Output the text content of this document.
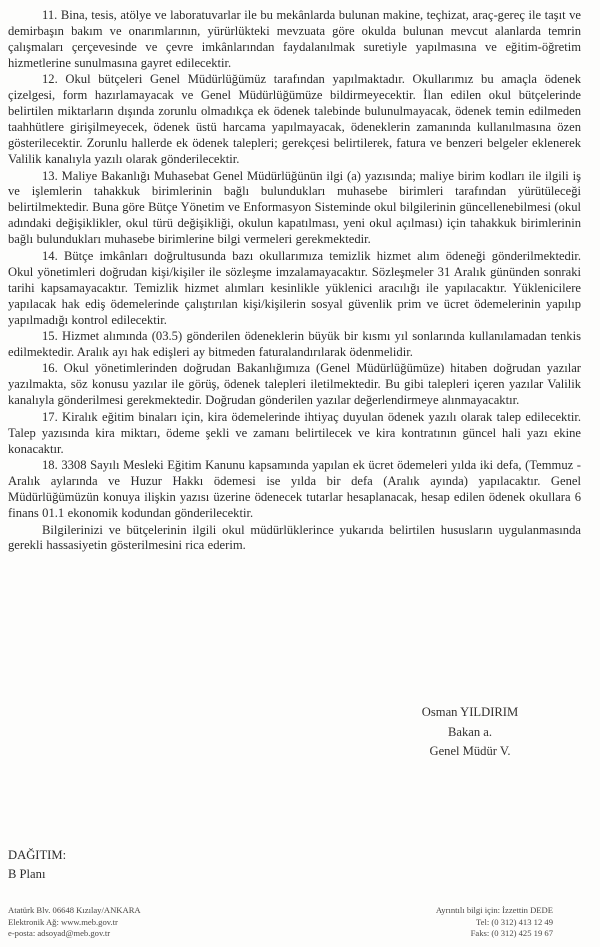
11. Bina, tesis, atölye ve laboratuvarlar ile bu mekânlarda bulunan makine, teçhizat, araç-gereç ile taşıt ve demirbaşın bakım ve onarımlarının, yürürlükteki mevzuata göre okulda bulunan mevcut alanlarda temrin çalışmaları çerçevesinde ve çevre imkânlarından faydalanılmak suretiyle yapılmasına ve eğitim-öğretim hizmetlerine sunulmasına gayret edilecektir.

12. Okul bütçeleri Genel Müdürlüğümüz tarafından yapılmaktadır. Okullarımız bu amaçla ödenek çizelgesi, form hazırlamayacak ve Genel Müdürlüğümüze bildirmeyecektir. İlan edilen okul bütçelerinde belirtilen miktarların dışında zorunlu olmadıkça ek ödenek talebinde bulunulmayacak, ödenek temin edilmeden taahhütlere girişilmeyecek, ödenek üstü harcama yapılmayacak, ödeneklerin zamanında kullanılmasına özen gösterilecektir. Zorunlu hallerde ek ödenek talepleri; gerekçesi belirtilerek, fatura ve benzeri belgeler eklenerek Valilik kanalıyla yazılı olarak gönderilecektir.

13. Maliye Bakanlığı Muhasebat Genel Müdürlüğünün ilgi (a) yazısında; maliye birim kodları ile ilgili iş ve işlemlerin tahakkuk birimlerinin bağlı bulundukları muhasebe birimleri tarafından yürütüleceği belirtilmektedir. Buna göre Bütçe Yönetim ve Enformasyon Sisteminde okul bilgilerinin güncellenebilmesi (okul adındaki değişiklikler, okul türü değişikliği, okulun kapatılması, yeni okul açılması) için tahakkuk birimlerinin bağlı bulundukları muhasebe birimlerine bilgi vermeleri gerekmektedir.

14. Bütçe imkânları doğrultusunda bazı okullarımıza temizlik hizmet alım ödeneği gönderilmektedir. Okul yönetimleri doğrudan kişi/kişiler ile sözleşme imzalamayacaktır. Sözleşmeler 31 Aralık gününden sonraki tarihi kapsamayacaktır. Temizlik hizmet alımları kesinlikle yüklenici aracılığı ile yapılacaktır. Yüklenicilere yapılacak hak ediş ödemelerinde çalıştırılan kişi/kişilerin sosyal güvenlik prim ve ücret ödemelerinin yapılıp yapılmadığı kontrol edilecektir.

15. Hizmet alımında (03.5) gönderilen ödeneklerin büyük bir kısmı yıl sonlarında kullanılamadan tenkis edilmektedir. Aralık ayı hak edişleri ay bitmeden faturalandırılarak ödenmelidir.

16. Okul yönetimlerinden doğrudan Bakanlığımıza (Genel Müdürlüğümüze) hitaben doğrudan yazılar yazılmakta, söz konusu yazılar ile görüş, ödenek talepleri iletilmektedir. Bu gibi talepleri içeren yazılar Valilik kanalıyla gönderilmesi gerekmektedir. Doğrudan gönderilen yazılar değerlendirmeye alınmayacaktır.

17. Kiralık eğitim binaları için, kira ödemelerinde ihtiyaç duyulan ödenek yazılı olarak talep edilecektir. Talep yazısında kira miktarı, ödeme şekli ve zamanı belirtilecek ve kira kontratının güncel hali yazı ekine konacaktır.

18. 3308 Sayılı Mesleki Eğitim Kanunu kapsamında yapılan ek ücret ödemeleri yılda iki defa, (Temmuz - Aralık aylarında ve Huzur Hakkı ödemesi ise yılda bir defa (Aralık ayında) yapılacaktır. Genel Müdürlüğümüzün konuya ilişkin yazısı üzerine ödenecek tutarlar hesaplanacak, hesap edilen ödenek okullara 6 finans 01.1 ekonomik kodundan gönderilecektir.

Bilgilerinizi ve bütçelerinin ilgili okul müdürlüklerince yukarıda belirtilen hususların uygulanmasında gerekli hassasiyetin gösterilmesini rica ederim.

Osman YILDIRIM
Bakan a.
Genel Müdür V.
DAĞITIM:
B Planı
Atatürk Blv. 06648 Kızılay/ANKARA
Elektronik Ağ: www.meb.gov.tr
e-posta: adsoyad@meb.gov.tr
Ayrıntılı bilgi için: İzzettin DEDE
Tel: (0 312) 413 12 49
Faks: (0 312) 425 19 67
